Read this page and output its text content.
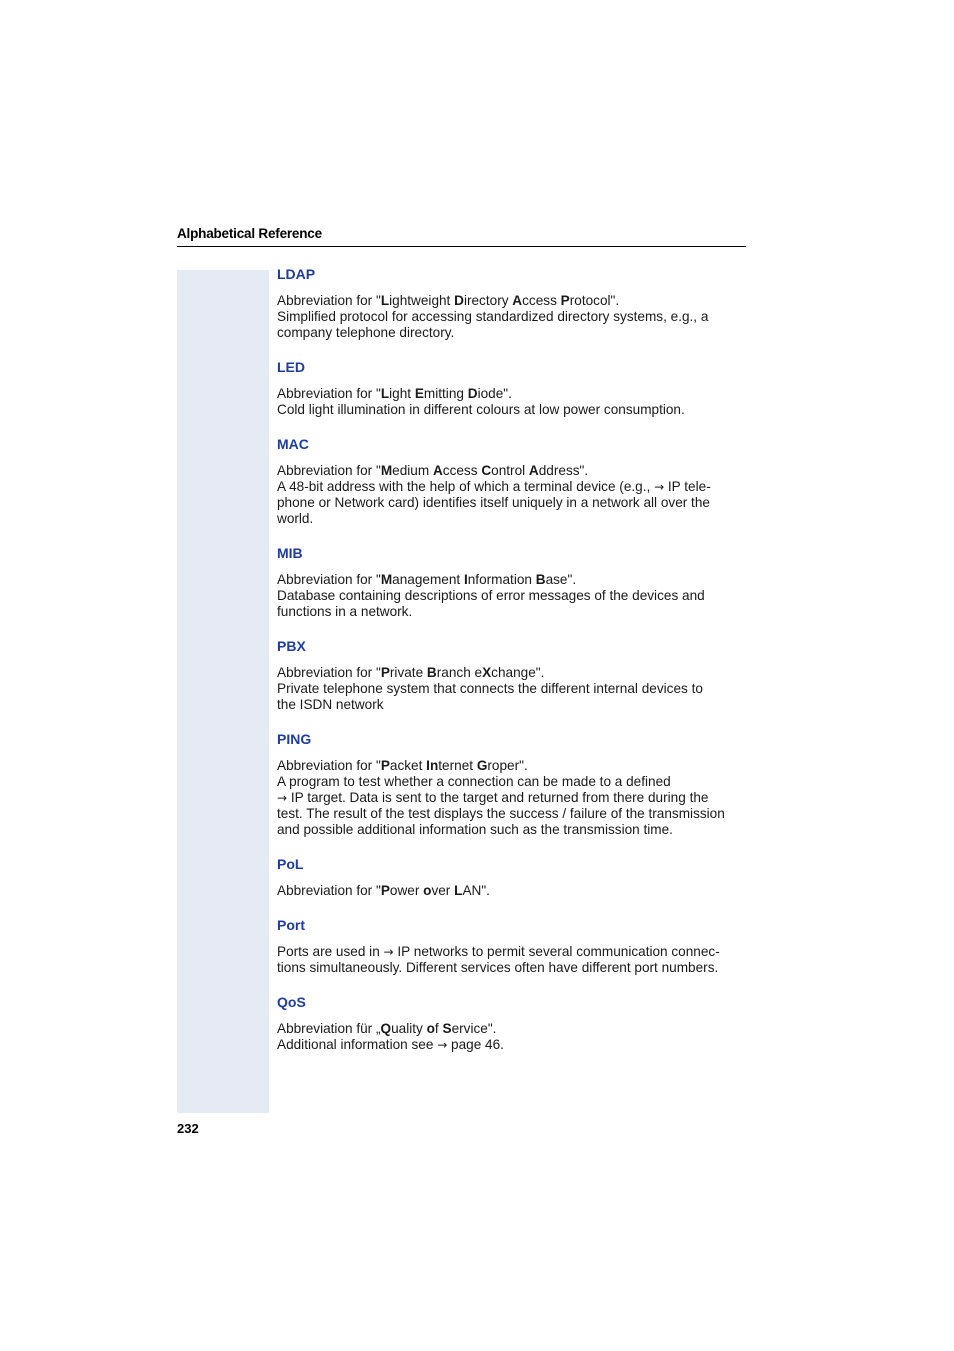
Alphabetical Reference
LDAP
Abbreviation for "Lightweight Directory Access Protocol".
Simplified protocol for accessing standardized directory systems, e.g., a
company telephone directory.
LED
Abbreviation for "Light Emitting Diode".
Cold light illumination in different colours at low power consumption.
MAC
Abbreviation for "Medium Access Control Address".
A 48-bit address with the help of which a terminal device (e.g., → IP tele-
phone or Network card) identifies itself uniquely in a network all over the
world.
MIB
Abbreviation for "Management Information Base".
Database containing descriptions of error messages of the devices and
functions in a network.
PBX
Abbreviation for "Private Branch eXchange".
Private telephone system that connects the different internal devices to
the ISDN network
PING
Abbreviation for "Packet Internet Groper".
A program to test whether a connection can be made to a defined
→ IP target. Data is sent to the target and returned from there during the
test. The result of the test displays the success / failure of the transmission
and possible additional information such as the transmission time.
PoL
Abbreviation for "Power over LAN".
Port
Ports are used in → IP networks to permit several communication connec-
tions simultaneously. Different services often have different port numbers.
QoS
Abbreviation für „Quality of Service".
Additional information see → page 46.
232
